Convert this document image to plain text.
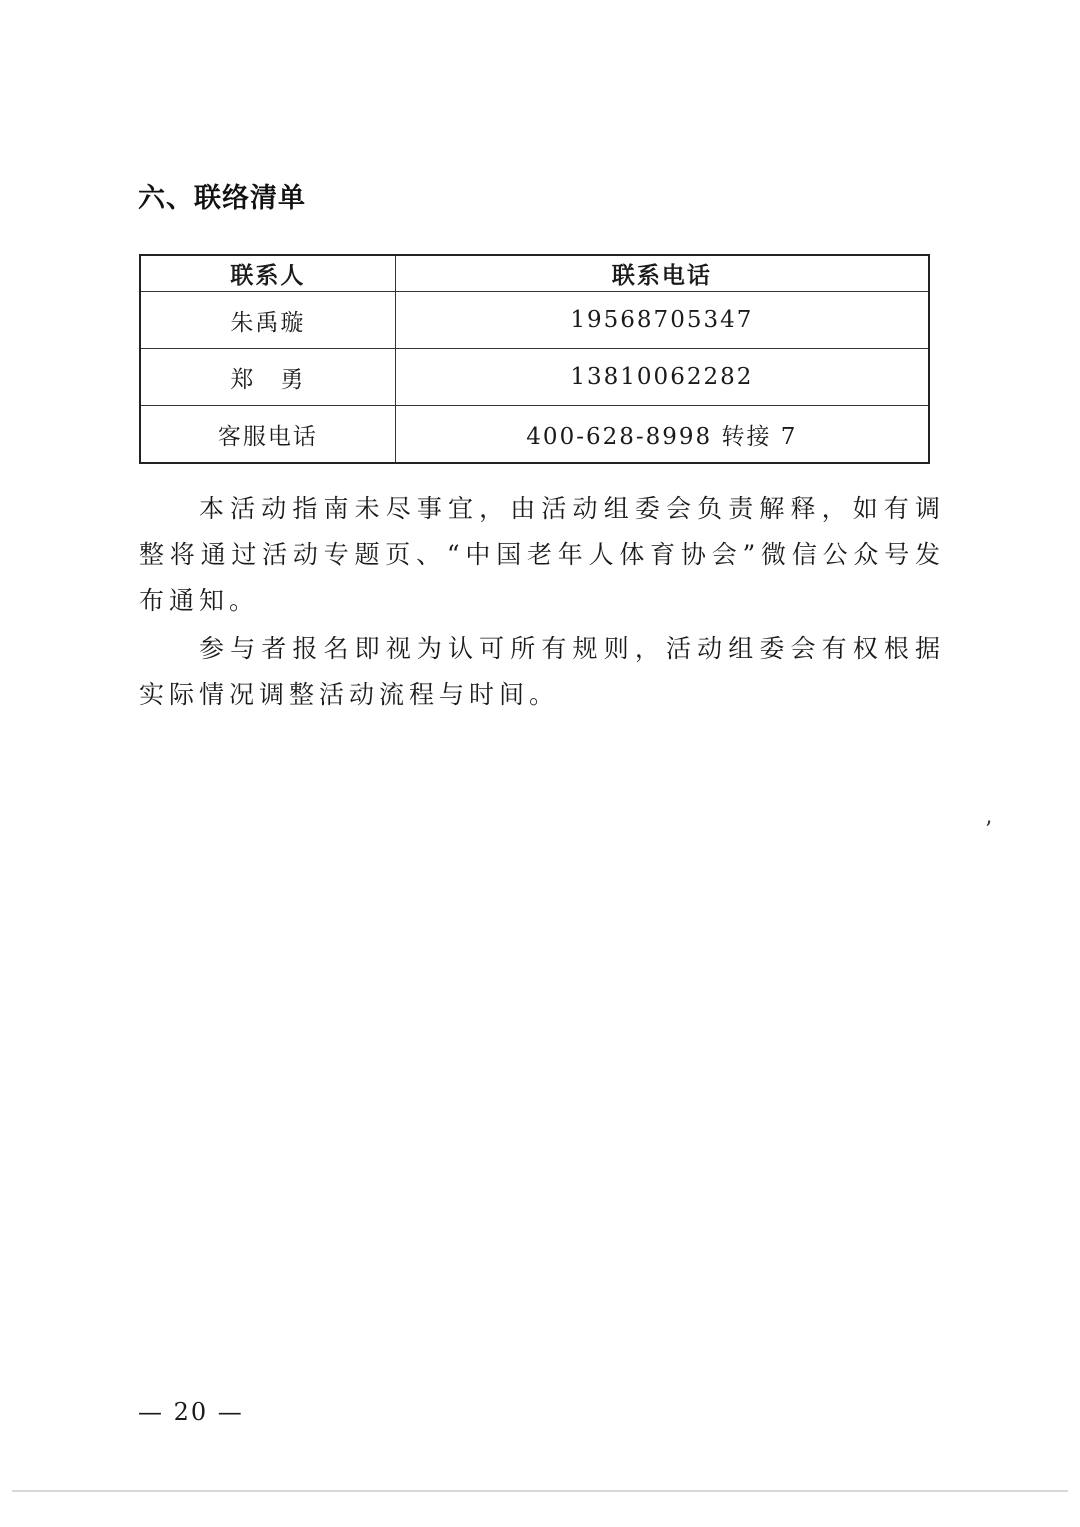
六、联络清单
联系人	联系电话
朱禹璇	19568705347
郑　勇	13810062282
客服电话	400-628-8998 转接 7

本活动指南未尽事宜，由活动组委会负责解释，如有调整将通过活动专题页、“中国老年人体育协会”微信公众号发布通知。

参与者报名即视为认可所有规则，活动组委会有权根据实际情况调整活动流程与时间。

’
— 20 —
